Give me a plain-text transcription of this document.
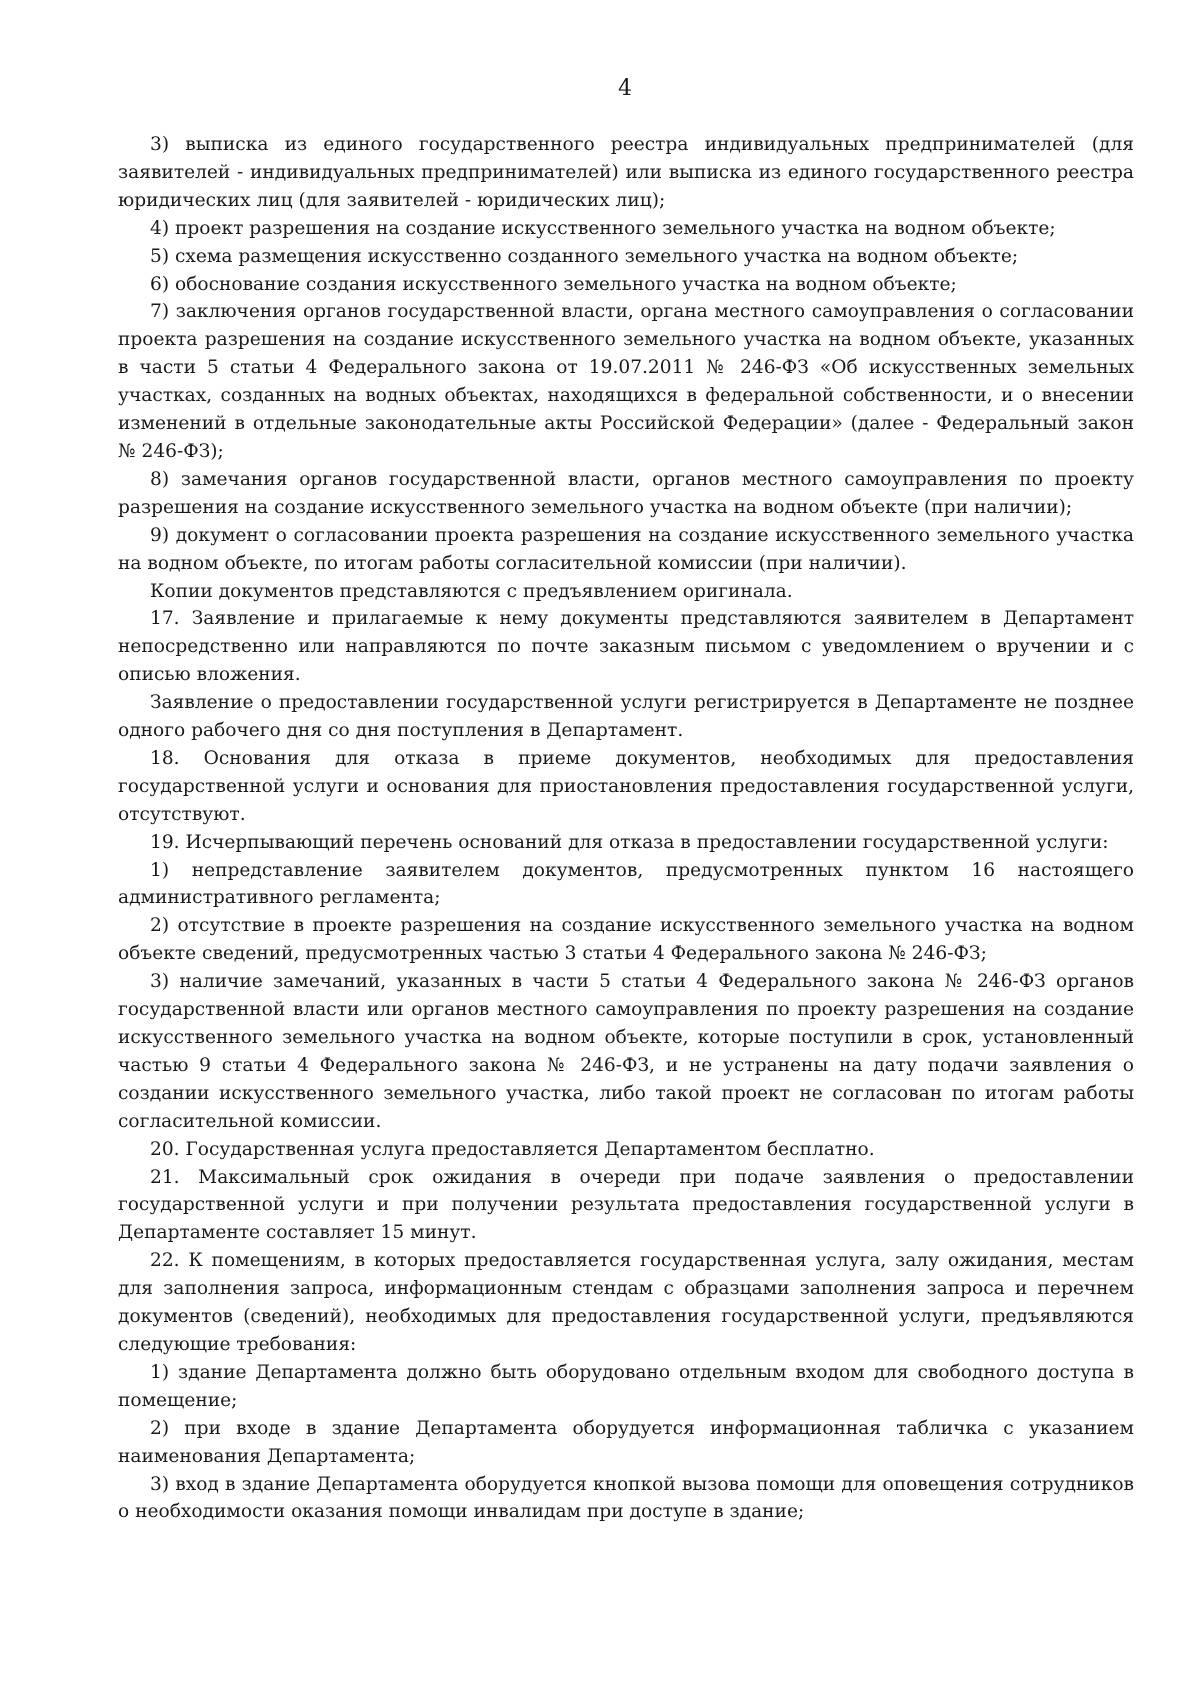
4

3) выписка из единого государственного реестра индивидуальных предпринимателей (для заявителей - индивидуальных предпринимателей) или выписка из единого государственного реестра юридических лиц (для заявителей - юридических лиц);

4) проект разрешения на создание искусственного земельного участка на водном объекте;

5) схема размещения искусственно созданного земельного участка на водном объекте;

6) обоснование создания искусственного земельного участка на водном объекте;

7) заключения органов государственной власти, органа местного самоуправления о согласовании проекта разрешения на создание искусственного земельного участка на водном объекте, указанных в части 5 статьи 4 Федерального закона от 19.07.2011 № 246-ФЗ «Об искусственных земельных участках, созданных на водных объектах, находящихся в федеральной собственности, и о внесении изменений в отдельные законодательные акты Российской Федерации» (далее - Федеральный закон № 246-ФЗ);

8) замечания органов государственной власти, органов местного самоуправления по проекту разрешения на создание искусственного земельного участка на водном объекте (при наличии);

9) документ о согласовании проекта разрешения на создание искусственного земельного участка на водном объекте, по итогам работы согласительной комиссии (при наличии).

Копии документов представляются с предъявлением оригинала.

17. Заявление и прилагаемые к нему документы представляются заявителем в Департамент непосредственно или направляются по почте заказным письмом с уведомлением о вручении и с описью вложения.

Заявление о предоставлении государственной услуги регистрируется в Департаменте не позднее одного рабочего дня со дня поступления в Департамент.

18. Основания для отказа в приеме документов, необходимых для предоставления государственной услуги и основания для приостановления предоставления государственной услуги, отсутствуют.

19. Исчерпывающий перечень оснований для отказа в предоставлении государственной услуги:

1) непредставление заявителем документов, предусмотренных пунктом 16 настоящего административного регламента;

2) отсутствие в проекте разрешения на создание искусственного земельного участка на водном объекте сведений, предусмотренных частью 3 статьи 4 Федерального закона № 246-ФЗ;

3) наличие замечаний, указанных в части 5 статьи 4 Федерального закона № 246-ФЗ органов государственной власти или органов местного самоуправления по проекту разрешения на создание искусственного земельного участка на водном объекте, которые поступили в срок, установленный частью 9 статьи 4 Федерального закона № 246-ФЗ, и не устранены на дату подачи заявления о создании искусственного земельного участка, либо такой проект не согласован по итогам работы согласительной комиссии.

20. Государственная услуга предоставляется Департаментом бесплатно.

21. Максимальный срок ожидания в очереди при подаче заявления о предоставлении государственной услуги и при получении результата предоставления государственной услуги в Департаменте составляет 15 минут.

22. К помещениям, в которых предоставляется государственная услуга, залу ожидания, местам для заполнения запроса, информационным стендам с образцами заполнения запроса и перечнем документов (сведений), необходимых для предоставления государственной услуги, предъявляются следующие требования:

1) здание Департамента должно быть оборудовано отдельным входом для свободного доступа в помещение;

2) при входе в здание Департамента оборудуется информационная табличка с указанием наименования Департамента;

3) вход в здание Департамента оборудуется кнопкой вызова помощи для оповещения сотрудников о необходимости оказания помощи инвалидам при доступе в здание;
